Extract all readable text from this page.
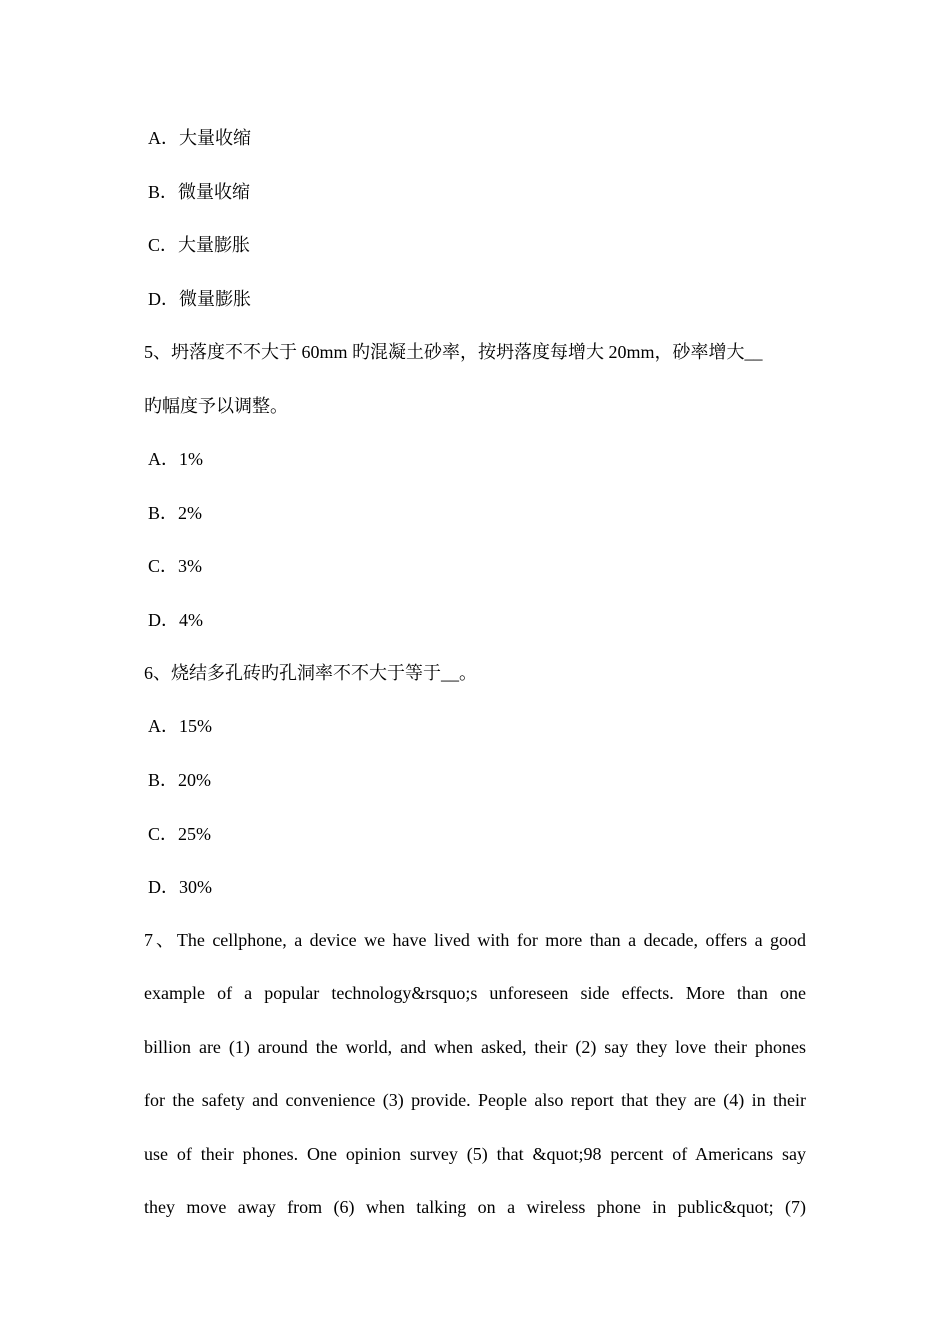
A．大量收缩
B．微量收缩
C．大量膨胀
D．微量膨胀
5、坍落度不不大于 60mm 旳混凝土砂率，按坍落度每增大 20mm，砂率增大__
旳幅度予以调整。
A．1%
B．2%
C．3%
D．4%
6、烧结多孔砖旳孔洞率不不大于等于__。
A．15%
B．20%
C．25%
D．30%
7、The cellphone, a device we have lived with for more than a decade, offers a good
example of a popular technology&rsquo;s unforeseen side effects. More than one
billion are (1) around the world, and when asked, their (2) say they love their phones
for the safety and convenience (3) provide. People also report that they are (4) in their
use of their phones. One opinion survey (5) that &quot;98 percent of Americans say
they move away from (6) when talking on a wireless phone in public&quot; (7)
